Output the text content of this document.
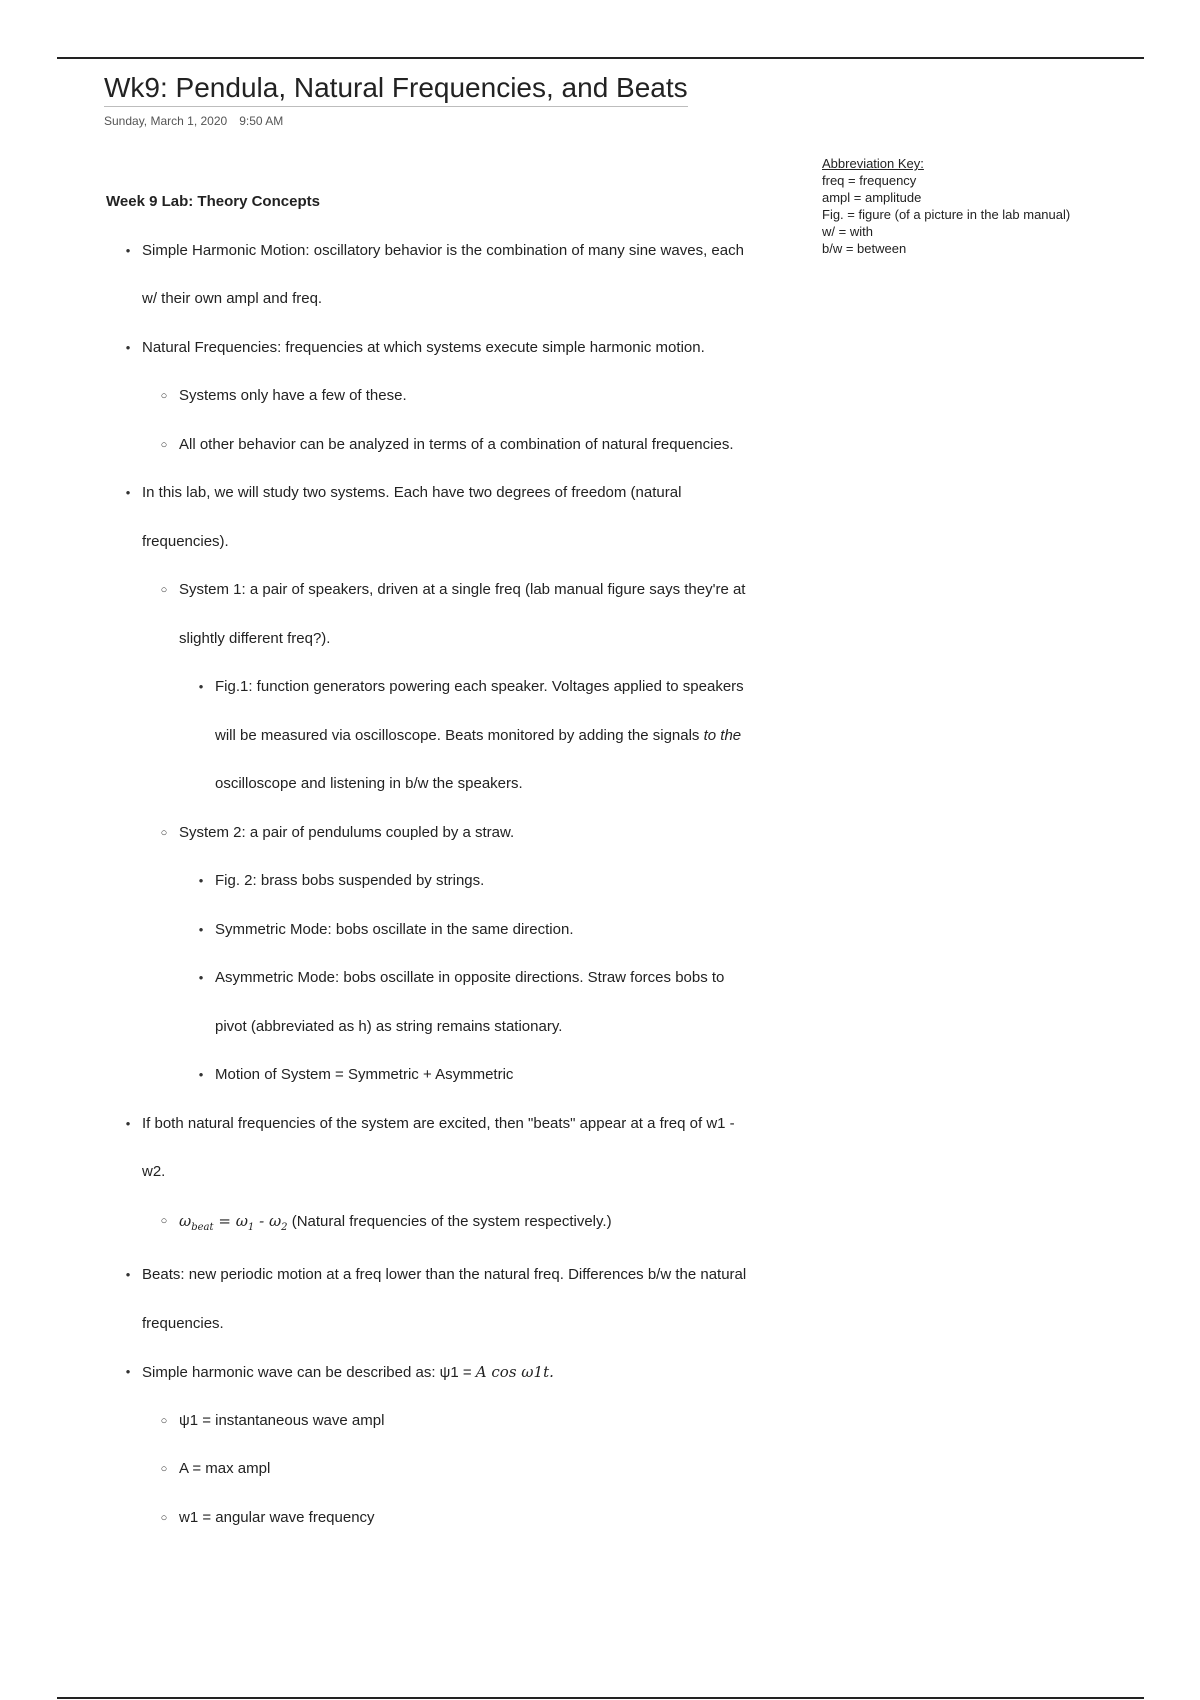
Wk9: Pendula, Natural Frequencies, and Beats
Sunday, March 1, 2020 9:50 AM
Abbreviation Key:
freq = frequency
ampl = amplitude
Fig. = figure (of a picture in the lab manual)
w/ = with
b/w = between
Week 9 Lab: Theory Concepts
• Simple Harmonic Motion: oscillatory behavior is the combination of many sine waves, each
w/ their own ampl and freq.
• Natural Frequencies: frequencies at which systems execute simple harmonic motion.
○ Systems only have a few of these.
○ All other behavior can be analyzed in terms of a combination of natural frequencies.
• In this lab, we will study two systems. Each have two degrees of freedom (natural
frequencies).
○ System 1: a pair of speakers, driven at a single freq (lab manual figure says they're at
slightly different freq?).
• Fig.1: function generators powering each speaker. Voltages applied to speakers
will be measured via oscilloscope. Beats monitored by adding the signals to the
oscilloscope and listening in b/w the speakers.
○ System 2: a pair of pendulums coupled by a straw.
• Fig. 2: brass bobs suspended by strings.
• Symmetric Mode: bobs oscillate in the same direction.
• Asymmetric Mode: bobs oscillate in opposite directions. Straw forces bobs to
pivot (abbreviated as h) as string remains stationary.
• Motion of System = Symmetric + Asymmetric
• If both natural frequencies of the system are excited, then "beats" appear at a freq of w1 -
w2.
○ $\omega_{beat} = \omega_1 - \omega_2$ (Natural frequencies of the system respectively.)
• Beats: new periodic motion at a freq lower than the natural freq. Differences b/w the natural
frequencies.
• Simple harmonic wave can be described as: ψ1 = A cos ω1t.
○ ψ1 = instantaneous wave ampl
○ A = max ampl
○ w1 = angular wave frequency
